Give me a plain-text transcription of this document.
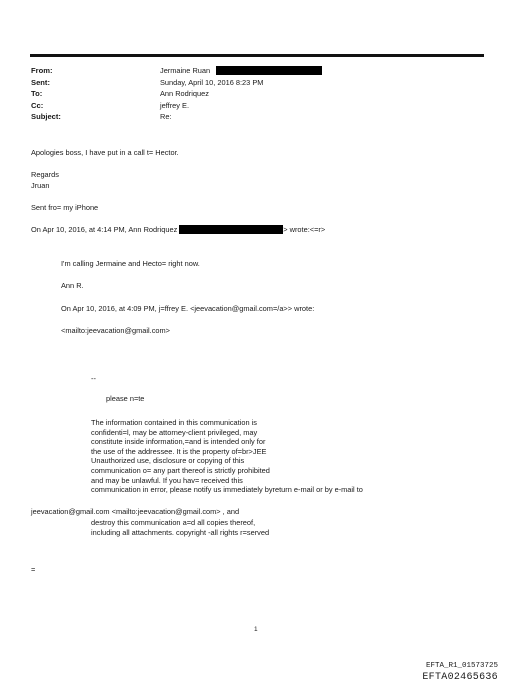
From:	Jermaine Ruan
Sent:	Sunday, April 10, 2016 8:23 PM
To:	Ann Rodriquez
Cc:	jeffrey E.
Subject:	Re:
Apologies boss, I have put in a call t= Hector.
Regards
Jruan
Sent fro= my iPhone
On Apr 10, 2016, at 4:14 PM, Ann Rodriquez	> wrote:<=r>
I'm calling Jermaine and Hecto= right now.
Ann R.
On Apr 10, 2016, at 4:09 PM, j=ffrey E. <jeevacation@gmail.com=/a>> wrote:
<mailto:jeevacation@gmail.com>
--
please n=te
The information contained in this communication is
confidenti=l, may be attorney-client privileged, may
constitute inside information,=and is intended only for
the use of the addressee. It is the property of=br>JEE
Unauthorized use, disclosure or copying of this
communication o= any part thereof is strictly prohibited
and may be unlawful. If you hav= received this
communication in error, please notify us immediately byreturn e-mail or by e-mail to
jeevacation@gmail.com <mailto:jeevacation@gmail.com> , and
destroy this communication a=d all copies thereof,
including all attachments. copyright -all rights r=served
=
1
EFTA_R1_01573725
EFTA02465636
